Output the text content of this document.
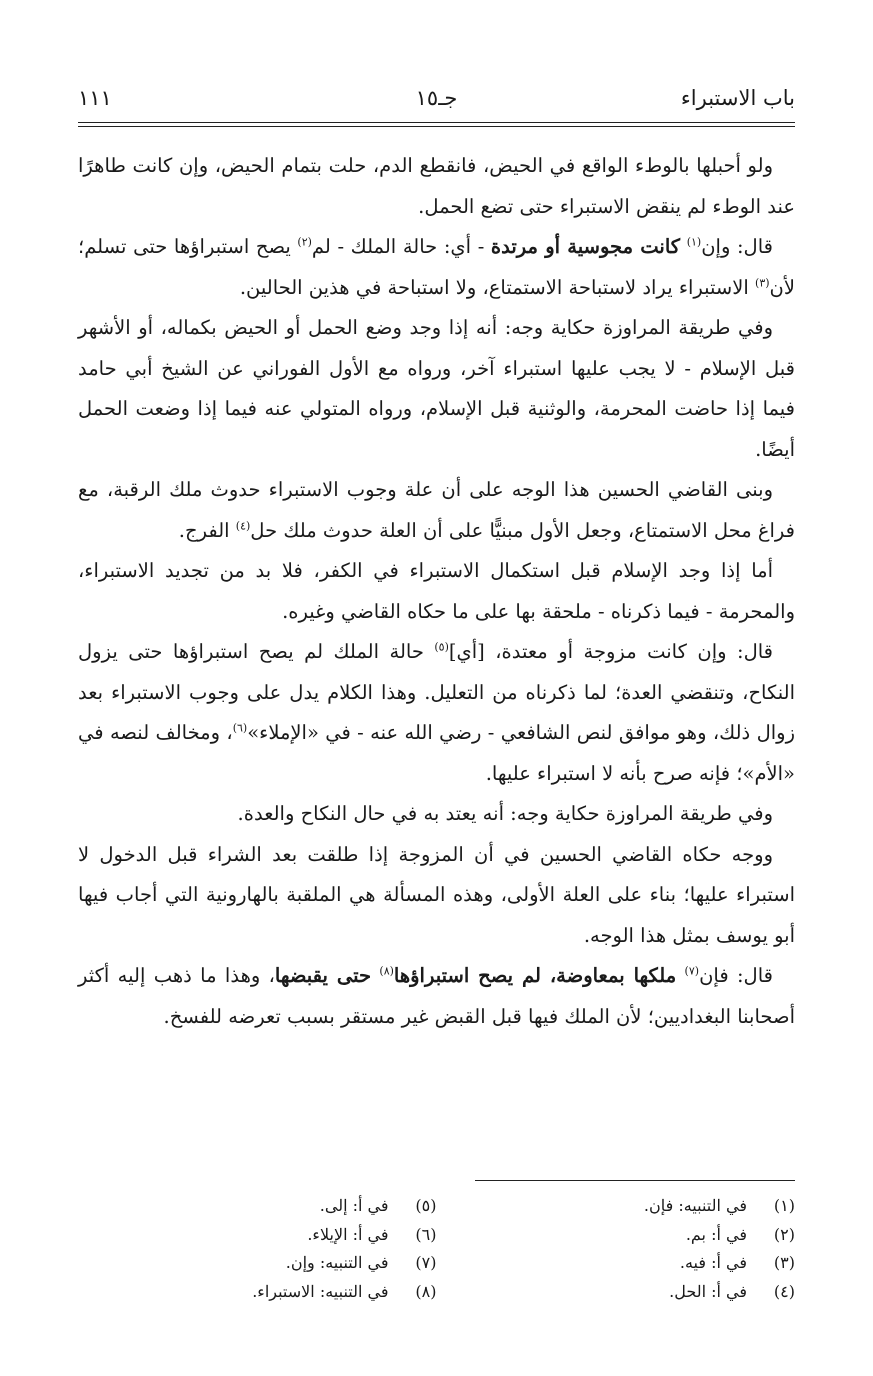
باب الاستبراء
جـ١٥
١١١

ولو أحبلها بالوطء الواقع في الحيض، فانقطع الدم، حلت بتمام الحيض، وإن كانت طاهرًا عند الوطء لم ينقض الاستبراء حتى تضع الحمل.

قال: وإن$^{(١)}$ كانت مجوسية أو مرتدة - أي: حالة الملك - لم$^{(٢)}$ يصح استبراؤها حتى تسلم؛ لأن$^{(٣)}$ الاستبراء يراد لاستباحة الاستمتاع، ولا استباحة في هذين الحالين.

وفي طريقة المراوزة حكاية وجه: أنه إذا وجد وضع الحمل أو الحيض بكماله، أو الأشهر قبل الإسلام - لا يجب عليها استبراء آخر، ورواه مع الأول الفوراني عن الشيخ أبي حامد فيما إذا حاضت المحرمة، والوثنية قبل الإسلام، ورواه المتولي عنه فيما إذا وضعت الحمل أيضًا.

وبنى القاضي الحسين هذا الوجه على أن علة وجوب الاستبراء حدوث ملك الرقبة، مع فراغ محل الاستمتاع، وجعل الأول مبنيًّا على أن العلة حدوث ملك حل$^{(٤)}$ الفرج.

أما إذا وجد الإسلام قبل استكمال الاستبراء في الكفر، فلا بد من تجديد الاستبراء، والمحرمة - فيما ذكرناه - ملحقة بها على ما حكاه القاضي وغيره.

قال: وإن كانت مزوجة أو معتدة، [أي]$^{(٥)}$ حالة الملك لم يصح استبراؤها حتى يزول النكاح، وتنقضي العدة؛ لما ذكرناه من التعليل. وهذا الكلام يدل على وجوب الاستبراء بعد زوال ذلك، وهو موافق لنص الشافعي - رضي الله عنه - في «الإملاء»$^{(٦)}$، ومخالف لنصه في «الأم»؛ فإنه صرح بأنه لا استبراء عليها.

وفي طريقة المراوزة حكاية وجه: أنه يعتد به في حال النكاح والعدة.

ووجه حكاه القاضي الحسين في أن المزوجة إذا طلقت بعد الشراء قبل الدخول لا استبراء عليها؛ بناء على العلة الأولى، وهذه المسألة هي الملقبة بالهارونية التي أجاب فيها أبو يوسف بمثل هذا الوجه.

قال: فإن$^{(٧)}$ ملكها بمعاوضة، لم يصح استبراؤها$^{(٨)}$ حتى يقبضها، وهذا ما ذهب إليه أكثر أصحابنا البغداديين؛ لأن الملك فيها قبل القبض غير مستقر بسبب تعرضه للفسخ.

(١)في التنبيه: فإن.
(٢)في أ: بم.
(٣)في أ: فيه.
(٤)في أ: الحل.
(٥)في أ: إلى.
(٦)في أ: الإيلاء.
(٧)في التنبيه: وإن.
(٨)في التنبيه: الاستبراء.
